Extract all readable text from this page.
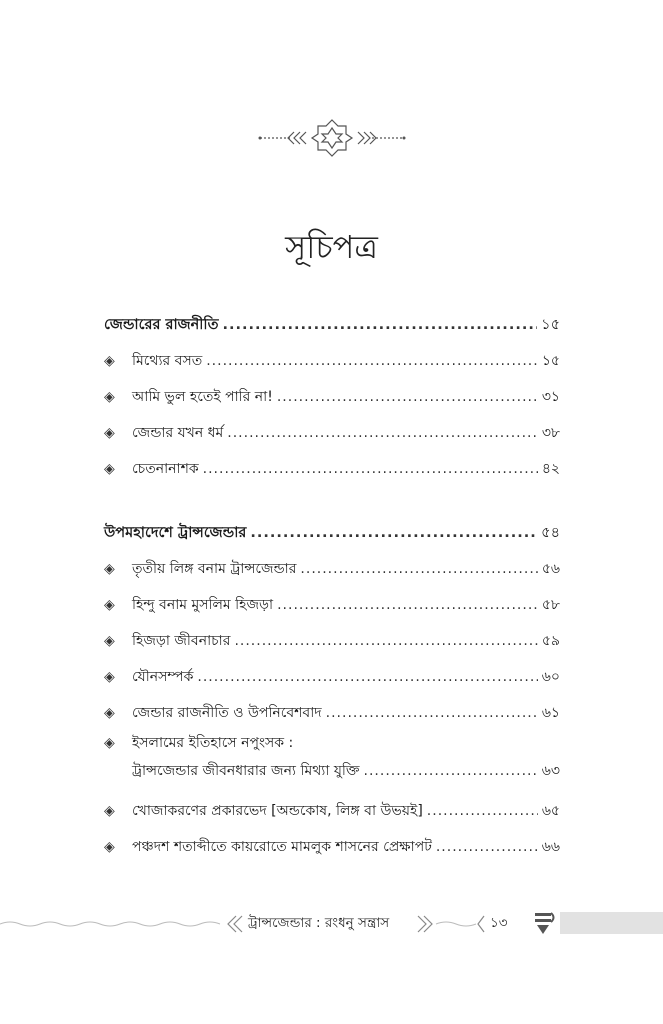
সূচিপত্র
জেন্ডারের রাজনীতি .....	১৫
◈	মিথ্যের বসত .....	১৫
◈	আমি ভুল হতেই পারি না! .....	৩১
◈	জেন্ডার যখন ধর্ম .....	৩৮
◈	চেতনানাশক .....	৪২
উপমহাদেশে ট্রান্সজেন্ডার .....	৫৪
◈	তৃতীয় লিঙ্গ বনাম ট্রান্সজেন্ডার .....	৫৬
◈	হিন্দু বনাম মুসলিম হিজড়া .....	৫৮
◈	হিজড়া জীবনাচার .....	৫৯
◈	যৌনসম্পর্ক .....	৬০
◈	জেন্ডার রাজনীতি ও উপনিবেশবাদ .....	৬১
◈	ইসলামের ইতিহাসে নপুংসক :
ট্রান্সজেন্ডার জীবনধারার জন্য মিথ্যা যুক্তি .....	৬৩
◈	খোজাকরণের প্রকারভেদ [অন্ডকোষ, লিঙ্গ বা উভয়ই] .....	৬৫
◈	পঞ্চদশ শতাব্দীতে কায়রোতে মামলুক শাসনের প্রেক্ষাপট .....	৬৬
ট্রান্সজেন্ডার : রংধনু সন্ত্রাস	১৩
